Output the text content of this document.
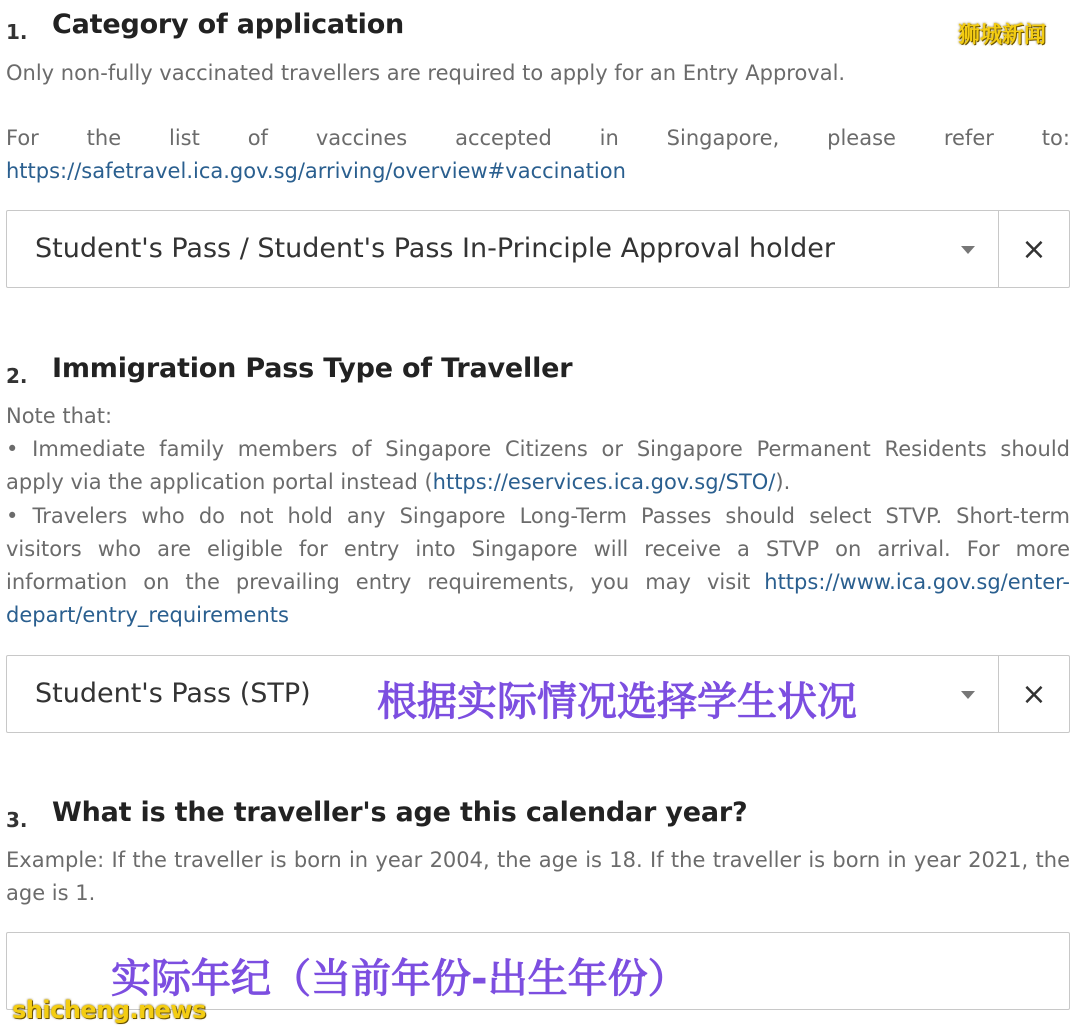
狮城新闻
1. Category of application
Only non-fully vaccinated travellers are required to apply for an Entry Approval.
For the list of vaccines accepted in Singapore, please refer to:
https://safetravel.ica.gov.sg/arriving/overview#vaccination
Student's Pass / Student's Pass In-Principle Approval holder	×
2. Immigration Pass Type of Traveller
Note that:
• Immediate family members of Singapore Citizens or Singapore Permanent Residents should
apply via the application portal instead (https://eservices.ica.gov.sg/STO/).
• Travelers who do not hold any Singapore Long-Term Passes should select STVP. Short-term
visitors who are eligible for entry into Singapore will receive a STVP on arrival. For more
information on the prevailing entry requirements, you may visit https://www.ica.gov.sg/enter-
depart/entry_requirements
Student's Pass (STP) 根据实际情况选择学生状况	×
3. What is the traveller's age this calendar year?
Example: If the traveller is born in year 2004, the age is 18. If the traveller is born in year 2021, the
age is 1.
实际年纪（当前年份-出生年份）
shicheng.news
